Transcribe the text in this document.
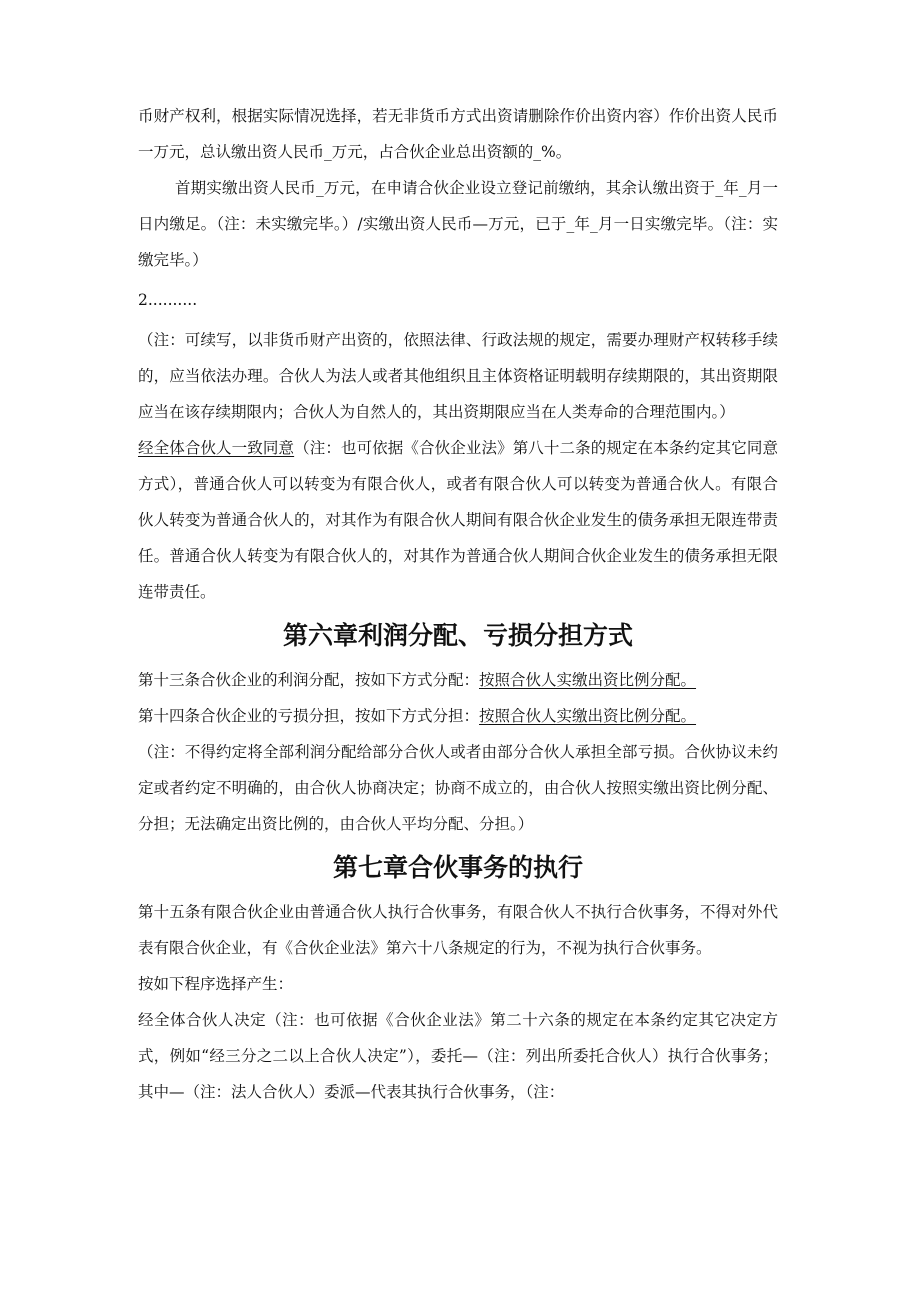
币财产权利，根据实际情况选择，若无非货币方式出资请删除作价出资内容）作价出资人民币一万元，总认缴出资人民币_万元，占合伙企业总出资额的_%。

首期实缴出资人民币_万元，在申请合伙企业设立登记前缴纳，其余认缴出资于_年_月一日内缴足。（注：未实缴完毕。）/实缴出资人民币—万元，已于_年_月一日实缴完毕。（注：实缴完毕。）

2..........

（注：可续写，以非货币财产出资的，依照法律、行政法规的规定，需要办理财产权转移手续的，应当依法办理。合伙人为法人或者其他组织且主体资格证明载明存续期限的，其出资期限应当在该存续期限内；合伙人为自然人的，其出资期限应当在人类寿命的合理范围内。）

经全体合伙人一致同意（注：也可依据《合伙企业法》第八十二条的规定在本条约定其它同意方式），普通合伙人可以转变为有限合伙人，或者有限合伙人可以转变为普通合伙人。有限合伙人转变为普通合伙人的，对其作为有限合伙人期间有限合伙企业发生的债务承担无限连带责任。普通合伙人转变为有限合伙人的，对其作为普通合伙人期间合伙企业发生的债务承担无限连带责任。

第六章利润分配、亏损分担方式

第十三条合伙企业的利润分配，按如下方式分配：按照合伙人实缴出资比例分配。

第十四条合伙企业的亏损分担，按如下方式分担：按照合伙人实缴出资比例分配。

（注：不得约定将全部利润分配给部分合伙人或者由部分合伙人承担全部亏损。合伙协议未约定或者约定不明确的，由合伙人协商决定；协商不成立的，由合伙人按照实缴出资比例分配、分担；无法确定出资比例的，由合伙人平均分配、分担。）

第七章合伙事务的执行

第十五条有限合伙企业由普通合伙人执行合伙事务，有限合伙人不执行合伙事务，不得对外代表有限合伙企业，有《合伙企业法》第六十八条规定的行为，不视为执行合伙事务。

按如下程序选择产生：

经全体合伙人决定（注：也可依据《合伙企业法》第二十六条的规定在本条约定其它决定方式，例如“经三分之二以上合伙人决定”），委托—（注：列出所委托合伙人）执行合伙事务；其中—（注：法人合伙人）委派—代表其执行合伙事务，（注：
